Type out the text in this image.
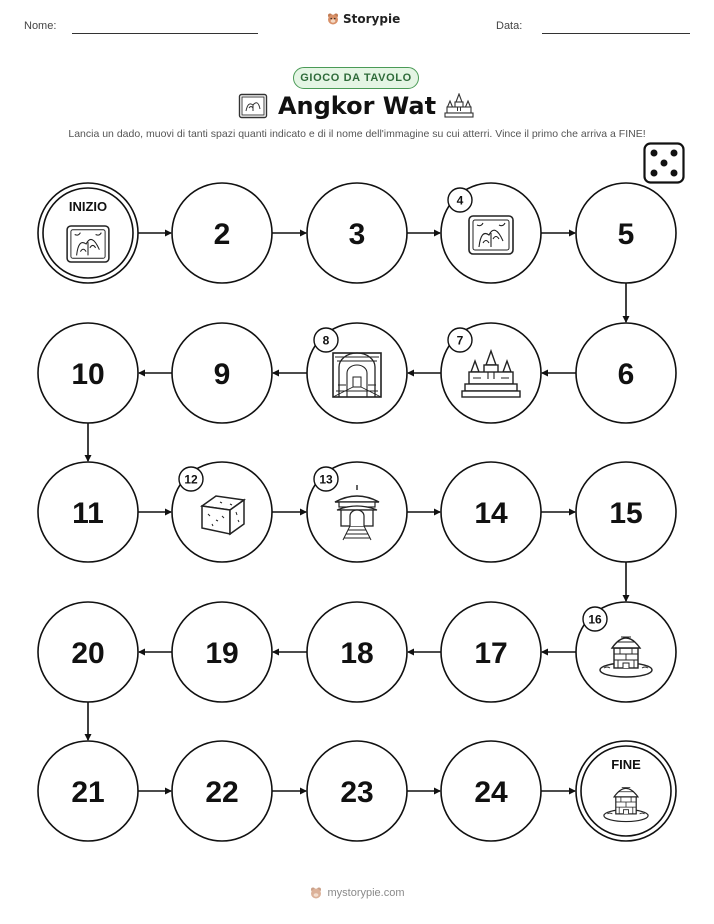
Nome:	Storypie	Data:
GIOCO DA TAVOLO
Angkor Wat
Lancia un dado, muovi di tanti spazi quanti indicato e di il nome dell'immagine su cui atterri. Vince il primo che arriva a FINE!
INIZIO
2	3
4
5
6
7
8
9
10
11
12	13
14	15
16
17
18
19
20
21	22	23	24
FINE
mystorypie.com
